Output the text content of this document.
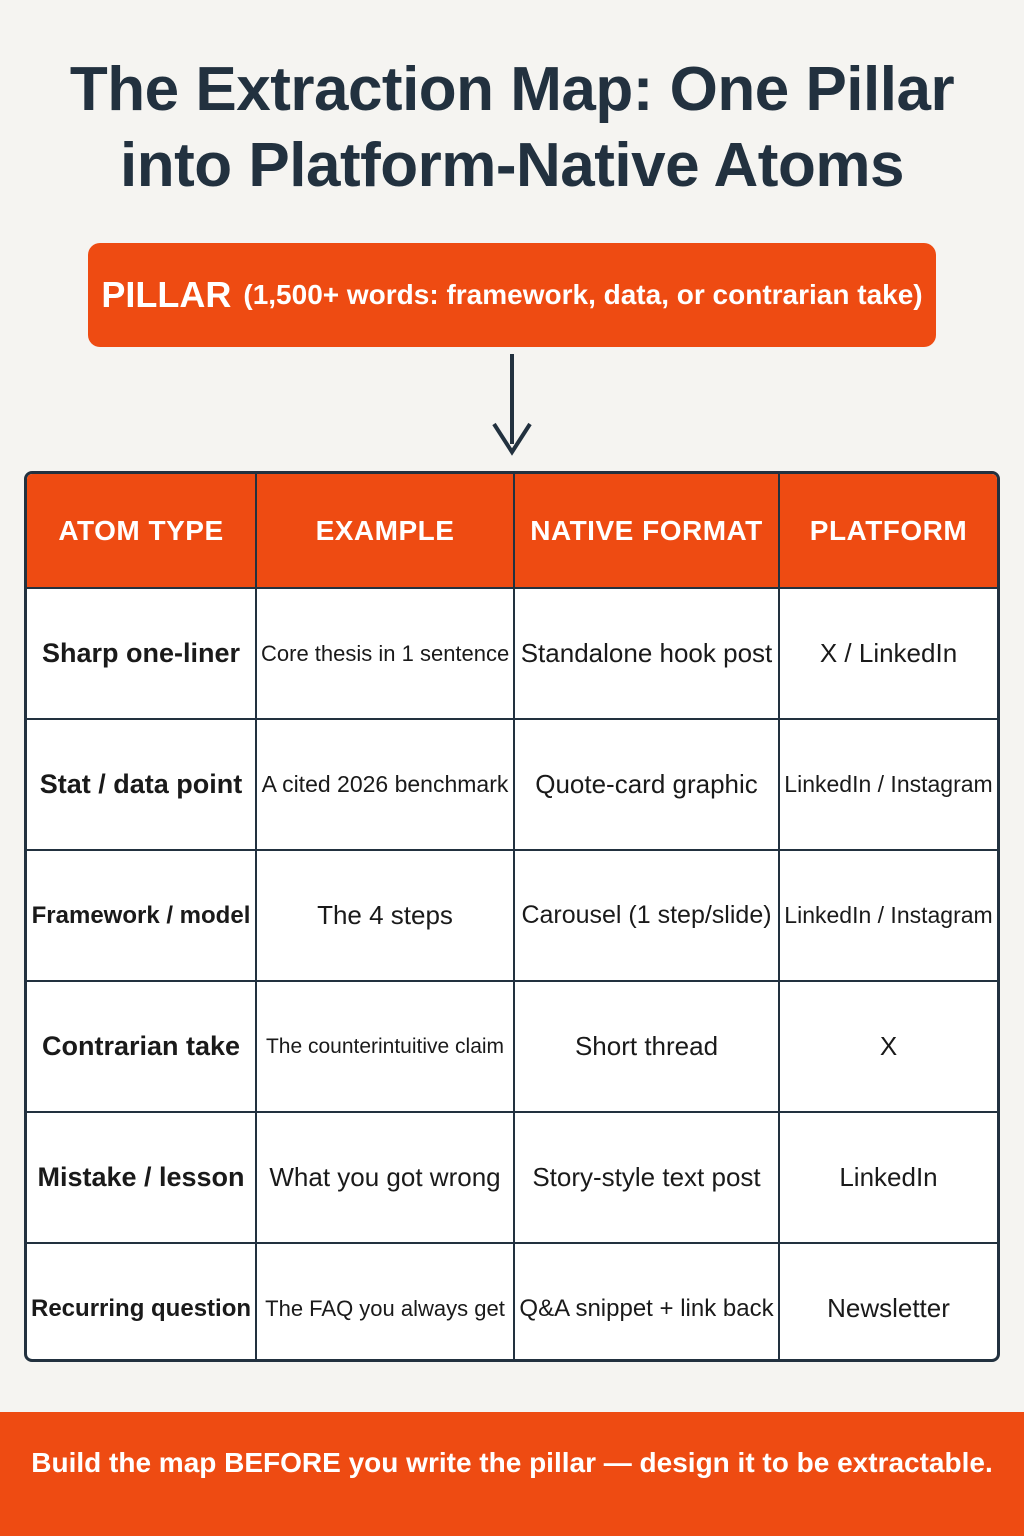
The Extraction Map: One Pillar
into Platform-Native Atoms
PILLAR (1,500+ words: framework, data, or contrarian take)
ATOM TYPE	EXAMPLE	NATIVE FORMAT	PLATFORM
Sharp one-liner	Core thesis in 1 sentence	Standalone hook post	X / LinkedIn
Stat / data point	A cited 2026 benchmark	Quote-card graphic	LinkedIn / Instagram
Framework / model	The 4 steps	Carousel (1 step/slide)	LinkedIn / Instagram
Contrarian take	The counterintuitive claim	Short thread	X
Mistake / lesson	What you got wrong	Story-style text post	LinkedIn
Recurring question	The FAQ you always get	Q&A snippet + link back	Newsletter
Build the map BEFORE you write the pillar — design it to be extractable.
